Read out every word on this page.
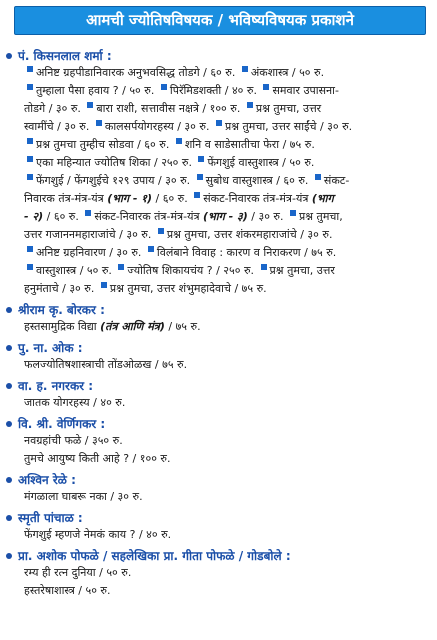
आमची ज्योतिषविषयक / भविष्यविषयक प्रकाशने
पं. किसनलाल शर्मा :
अनिष्ट ग्रहपीडानिवारक अनुभवसिद्ध तोडगे / ६० रु. अंकशास्त्र / ५० रु.
तुम्हाला पैसा हवाय ? / ५० रु. पिरॅमिडशक्ती / ४० रु. समवार उपासना-
तोडगे / ३० रु. बारा राशी, सत्तावीस नक्षत्रे / १०० रु. प्रश्न तुमचा, उत्तर
स्वामींचे / ३० रु. कालसर्पयोगरहस्य / ३० रु. प्रश्न तुमचा, उत्तर साईंचे / ३० रु.
प्रश्न तुमचा तुम्हीच सोडवा / ६० रु. शनि व साडेसातीचा फेरा / ७५ रु.
एका महिन्यात ज्योतिष शिका / २५० रु. फेंगशुई वास्तुशास्त्र / ५० रु.
फेंगशुई / फेंगशुईचे १२९ उपाय / ३० रु. सुबोध वास्तुशास्त्र / ६० रु. संकट-
निवारक तंत्र-मंत्र-यंत्र (भाग - १) / ६० रु. संकट-निवारक तंत्र-मंत्र-यंत्र (भाग
- २) / ६० रु. संकट-निवारक तंत्र-मंत्र-यंत्र (भाग - ३) / ३० रु. प्रश्न तुमचा,
उत्तर गजाननमहाराजांचे / ३० रु. प्रश्न तुमचा, उत्तर शंकरमहाराजांचे / ३० रु.
अनिष्ट ग्रहनिवारण / ३० रु. विलंबाने विवाह : कारण व निराकरण / ७५ रु.
वास्तुशास्त्र / ५० रु. ज्योतिष शिकायचंय ? / २५० रु. प्रश्न तुमचा, उत्तर
हनुमंताचे / ३० रु. प्रश्न तुमचा, उत्तर शंभुमहादेवाचे / ७५ रु.
श्रीराम कृ. बोरकर :
हस्तसामुद्रिक विद्या (तंत्र आणि मंत्र) / ७५ रु.
पु. ना. ओक :
फलज्योतिषशास्त्राची तोंडओळख / ७५ रु.
वा. ह. नगरकर :
जातक योगरहस्य / ४० रु.
वि. श्री. वेर्णिगकर :
नवग्रहांची फळे / ३५० रु.
तुमचे आयुष्य किती आहे ? / १०० रु.
अश्विन रेळे :
मंगळाला घाबरू नका / ३० रु.
स्मृती पांचाळ :
फेंगशुई म्हणजे नेमकं काय ? / ४० रु.
प्रा. अशोक पोफळे / सहलेखिका प्रा. गीता पोफळे / गोडबोले :
रम्य ही रत्न दुनिया / ५० रु.
हस्तरेषाशास्त्र / ५० रु.
